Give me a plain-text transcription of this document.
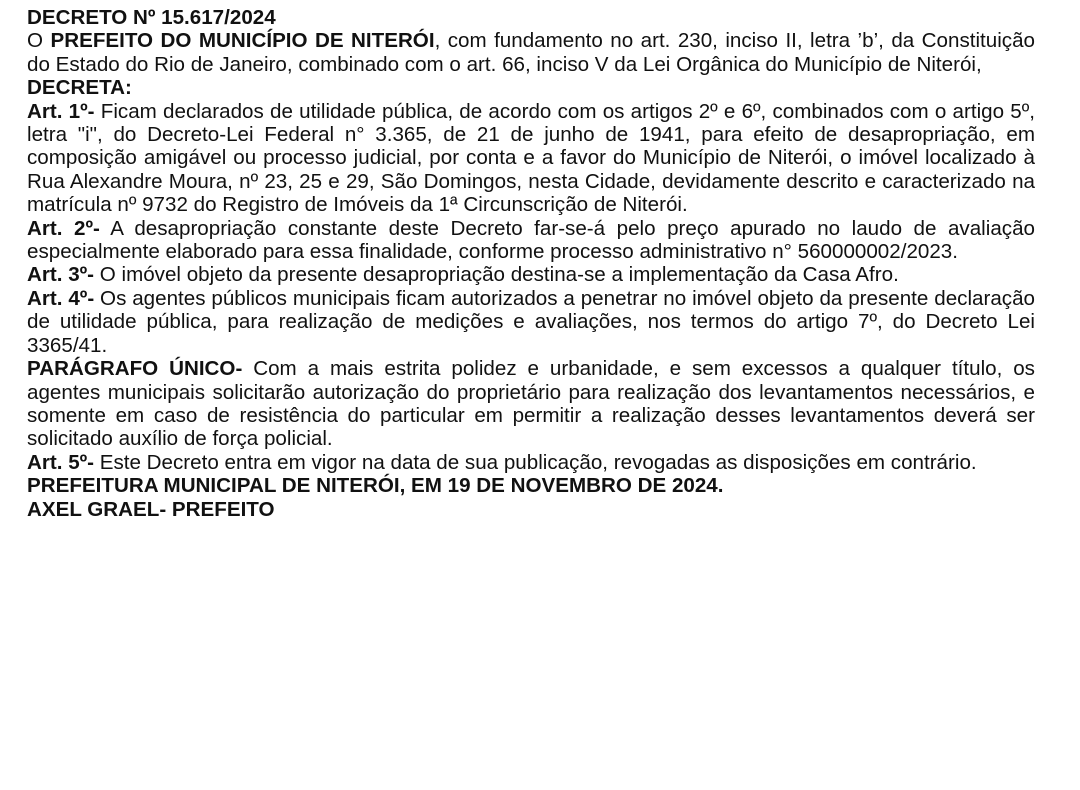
DECRETO Nº 15.617/2024

O PREFEITO DO MUNICÍPIO DE NITERÓI, com fundamento no art. 230, inciso II, letra ’b’, da Constituição do Estado do Rio de Janeiro, combinado com o art. 66, inciso V da Lei Orgânica do Município de Niterói,

DECRETA:

Art. 1º- Ficam declarados de utilidade pública, de acordo com os artigos 2º e 6º, combinados com o artigo 5º, letra "i", do Decreto-Lei Federal n° 3.365, de 21 de junho de 1941, para efeito de desapropriação, em composição amigável ou processo judicial, por conta e a favor do Município de Niterói, o imóvel localizado à Rua Alexandre Moura, nº 23, 25 e 29, São Domingos, nesta Cidade, devidamente descrito e caracterizado na matrícula nº 9732 do Registro de Imóveis da 1ª Circunscrição de Niterói.

Art. 2º- A desapropriação constante deste Decreto far-se-á pelo preço apurado no laudo de avaliação especialmente elaborado para essa finalidade, conforme processo administrativo n° 560000002/2023.

Art. 3º- O imóvel objeto da presente desapropriação destina-se a implementação da Casa Afro.

Art. 4º- Os agentes públicos municipais ficam autorizados a penetrar no imóvel objeto da presente declaração de utilidade pública, para realização de medições e avaliações, nos termos do artigo 7º, do Decreto Lei 3365/41.

PARÁGRAFO ÚNICO- Com a mais estrita polidez e urbanidade, e sem excessos a qualquer título, os agentes municipais solicitarão autorização do proprietário para realização dos levantamentos necessários, e somente em caso de resistência do particular em permitir a realização desses levantamentos deverá ser solicitado auxílio de força policial.

Art. 5º- Este Decreto entra em vigor na data de sua publicação, revogadas as disposições em contrário.

PREFEITURA MUNICIPAL DE NITERÓI, EM 19 DE NOVEMBRO DE 2024.

AXEL GRAEL- PREFEITO
